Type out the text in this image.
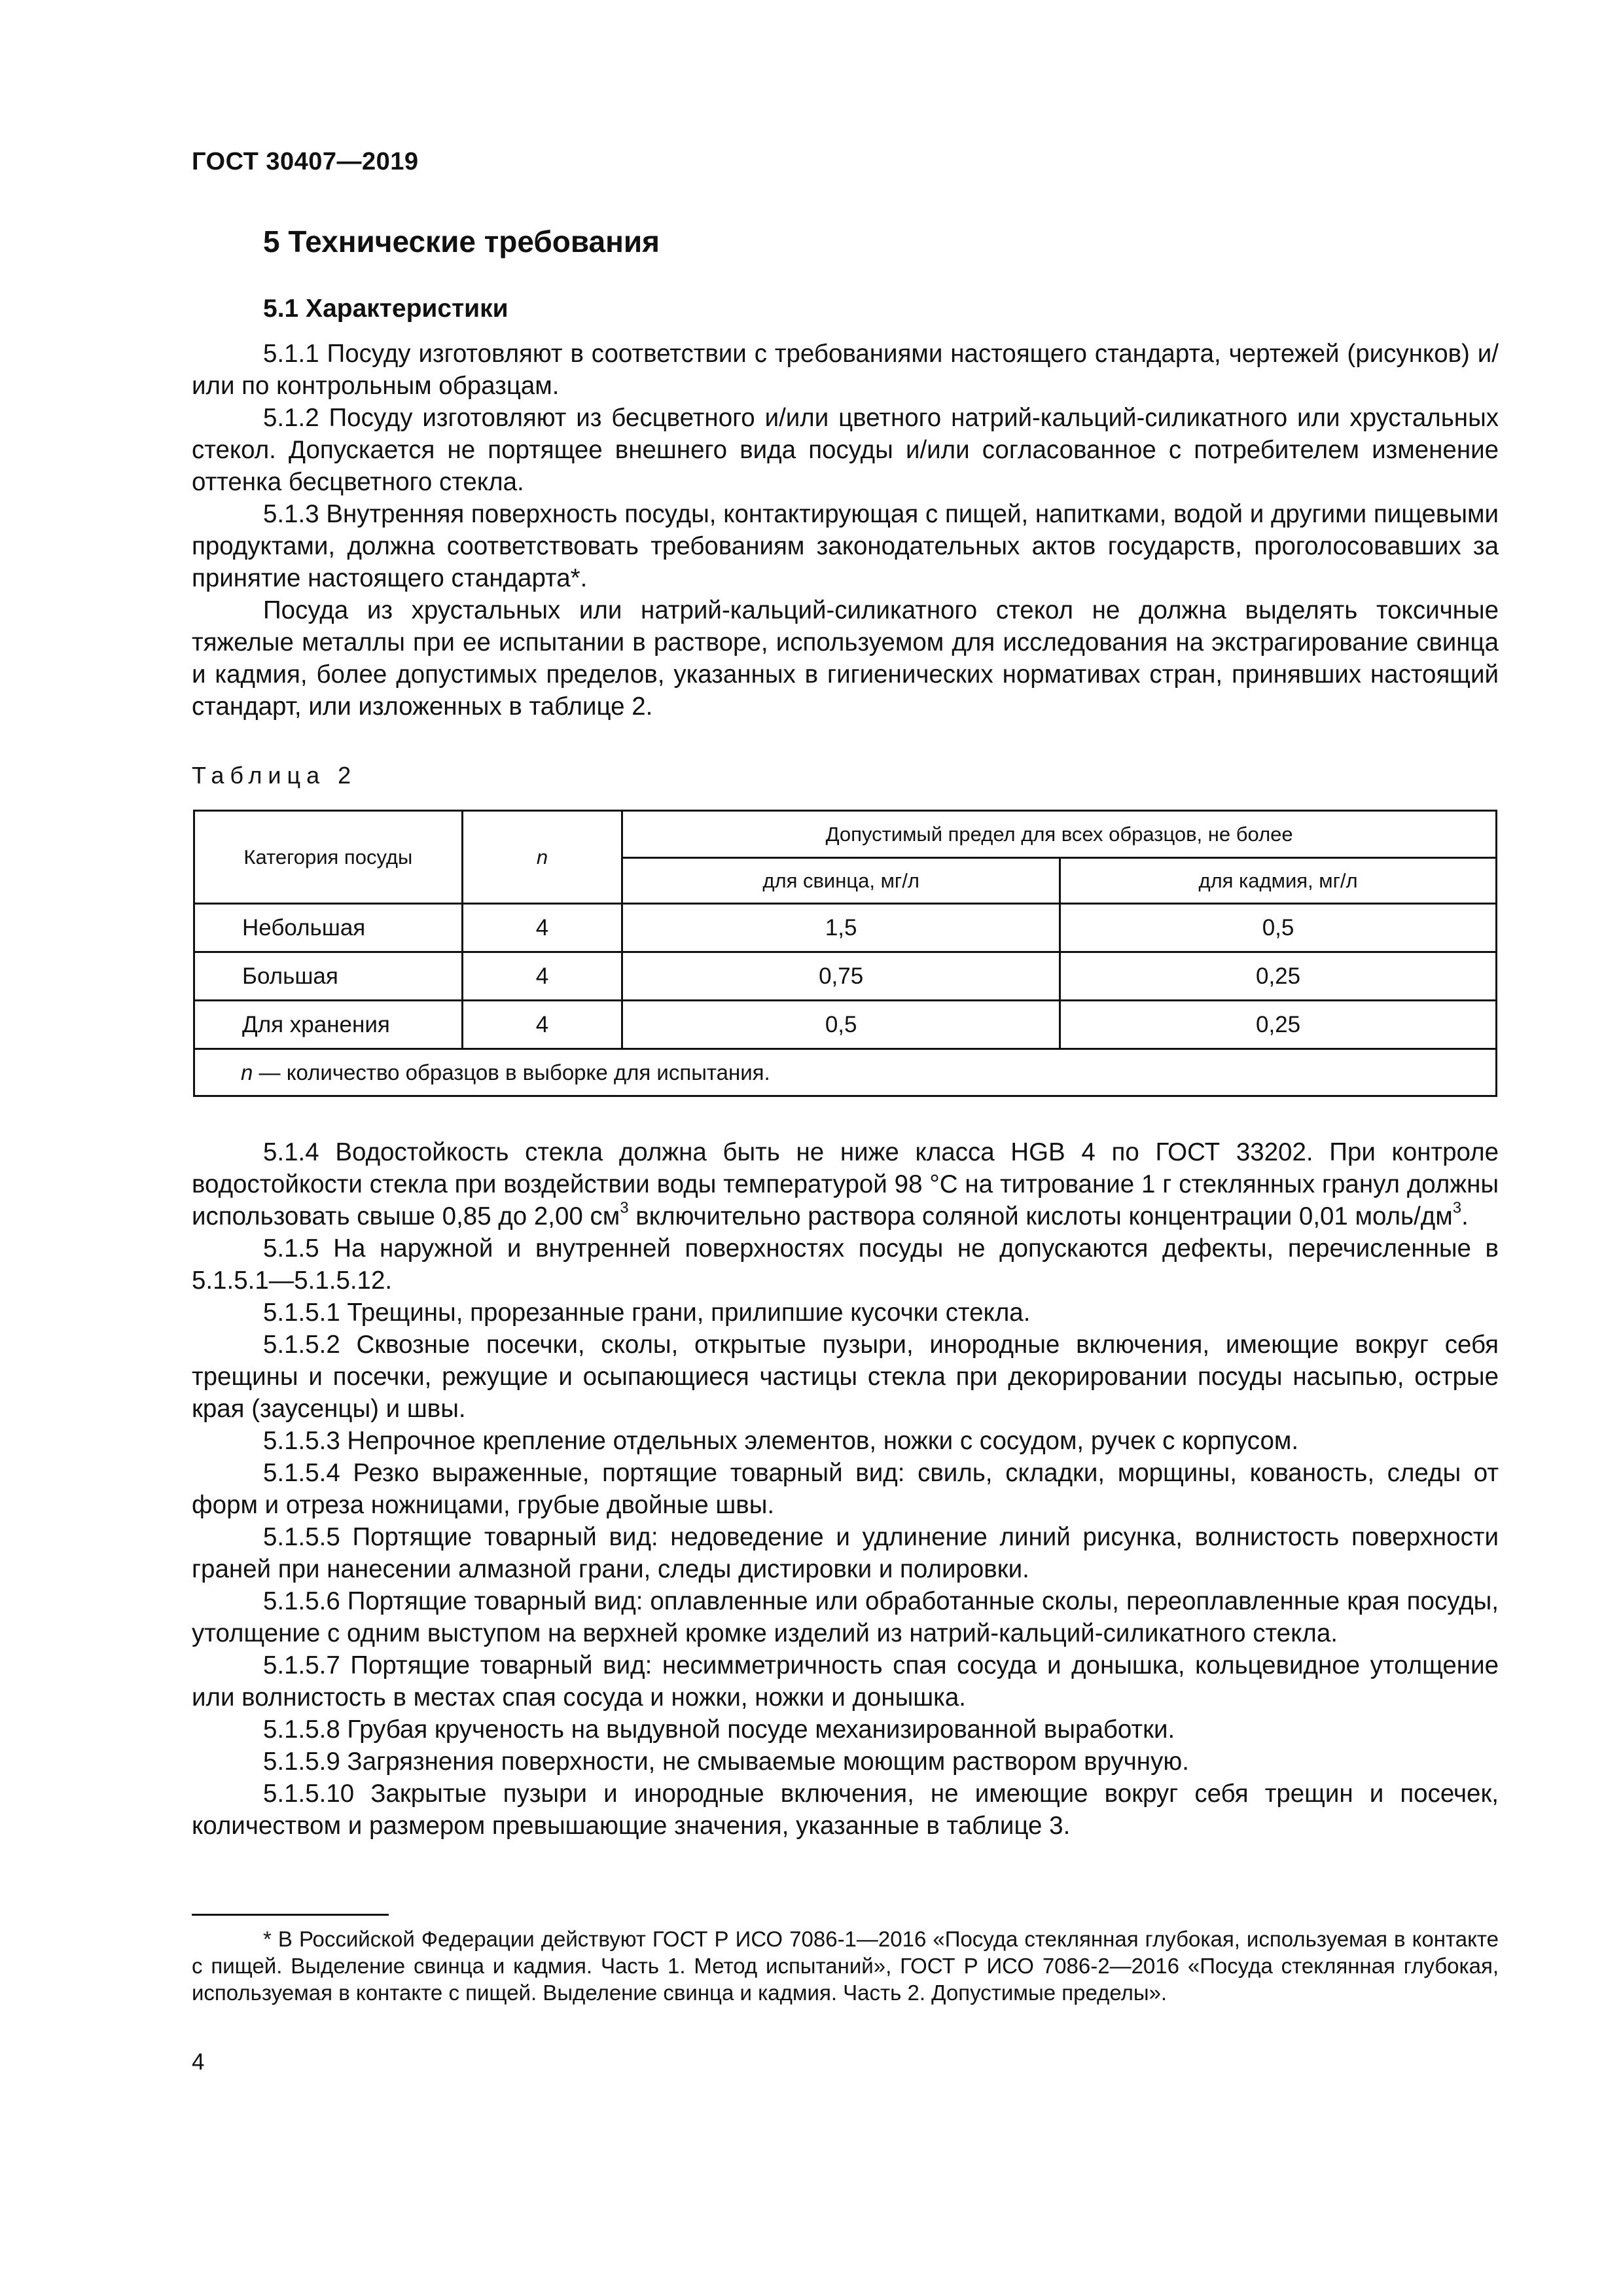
ГОСТ 30407—2019
5 Технические требования
5.1 Характеристики

5.1.1 Посуду изготовляют в соответствии с требованиями настоящего стандарта, чертежей (рисунков) и/или по контрольным образцам.

5.1.2 Посуду изготовляют из бесцветного и/или цветного натрий-кальций-силикатного или хрустальных стекол. Допускается не портящее внешнего вида посуды и/или согласованное с потребителем изменение оттенка бесцветного стекла.

5.1.3 Внутренняя поверхность посуды, контактирующая с пищей, напитками, водой и другими пищевыми продуктами, должна соответствовать требованиям законодательных актов государств, проголосовавших за принятие настоящего стандарта*.

Посуда из хрустальных или натрий-кальций-силикатного стекол не должна выделять токсичные тяжелые металлы при ее испытании в растворе, используемом для исследования на экстрагирование свинца и кадмия, более допустимых пределов, указанных в гигиенических нормативах стран, принявших настоящий стандарт, или изложенных в таблице 2.

Таблица 2
Категория посуды	n	Допустимый предел для всех образцов, не более	
		для свинца, мг/л	для кадмия, мг/л
Небольшая	4	1,5	0,5
Большая	4	0,75	0,25
Для хранения	4	0,5	0,25
n — количество образцов в выборке для испытания.			

5.1.4 Водостойкость стекла должна быть не ниже класса HGB 4 по ГОСТ 33202. При контроле водостойкости стекла при воздействии воды температурой 98 °С на титрование 1 г стеклянных гранул должны использовать свыше 0,85 до 2,00 $см^3$ включительно раствора соляной кислоты концентрации 0,01 моль/$дм^3$.

5.1.5 На наружной и внутренней поверхностях посуды не допускаются дефекты, перечисленные в 5.1.5.1—5.1.5.12.

5.1.5.1 Трещины, прорезанные грани, прилипшие кусочки стекла.

5.1.5.2 Сквозные посечки, сколы, открытые пузыри, инородные включения, имеющие вокруг себя трещины и посечки, режущие и осыпающиеся частицы стекла при декорировании посуды насыпью, острые края (заусенцы) и швы.

5.1.5.3 Непрочное крепление отдельных элементов, ножки с сосудом, ручек с корпусом.

5.1.5.4 Резко выраженные, портящие товарный вид: свиль, складки, морщины, кованость, следы от форм и отреза ножницами, грубые двойные швы.

5.1.5.5 Портящие товарный вид: недоведение и удлинение линий рисунка, волнистость поверхности граней при нанесении алмазной грани, следы дистировки и полировки.

5.1.5.6 Портящие товарный вид: оплавленные или обработанные сколы, переоплавленные края посуды, утолщение с одним выступом на верхней кромке изделий из натрий-кальций-силикатного стекла.

5.1.5.7 Портящие товарный вид: несимметричность спая сосуда и донышка, кольцевидное утолщение или волнистость в местах спая сосуда и ножки, ножки и донышка.

5.1.5.8 Грубая крученость на выдувной посуде механизированной выработки.

5.1.5.9 Загрязнения поверхности, не смываемые моющим раствором вручную.

5.1.5.10 Закрытые пузыри и инородные включения, не имеющие вокруг себя трещин и посечек, количеством и размером превышающие значения, указанные в таблице 3.

* В Российской Федерации действуют ГОСТ Р ИСО 7086-1—2016 «Посуда стеклянная глубокая, используемая в контакте с пищей. Выделение свинца и кадмия. Часть 1. Метод испытаний», ГОСТ Р ИСО 7086-2—2016 «Посуда стеклянная глубокая, используемая в контакте с пищей. Выделение свинца и кадмия. Часть 2. Допустимые пределы».

4
